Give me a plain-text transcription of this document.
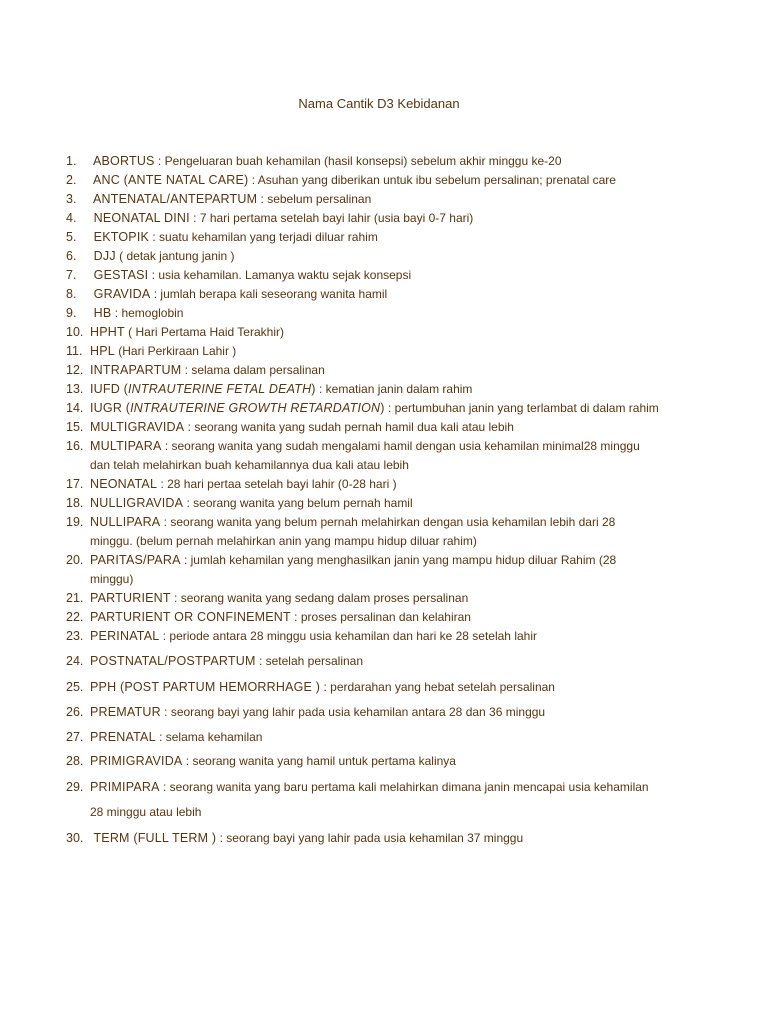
Nama Cantik D3 Kebidanan
1. ABORTUS : Pengeluaran buah kehamilan (hasil konsepsi) sebelum akhir minggu ke-20
2. ANC (ANTE NATAL CARE) : Asuhan yang diberikan untuk ibu sebelum persalinan; prenatal care
3. ANTENATAL/ANTEPARTUM : sebelum persalinan
4. NEONATAL DINI : 7 hari pertama setelah bayi lahir (usia bayi 0-7 hari)
5. EKTOPIK : suatu kehamilan yang terjadi diluar rahim
6. DJJ ( detak jantung janin )
7. GESTASI : usia kehamilan. Lamanya waktu sejak konsepsi
8. GRAVIDA : jumlah berapa kali seseorang wanita hamil
9. HB : hemoglobin
10. HPHT ( Hari Pertama Haid Terakhir)
11. HPL (Hari Perkiraan Lahir )
12. INTRAPARTUM : selama dalam persalinan
13. IUFD (INTRAUTERINE FETAL DEATH) : kematian janin dalam rahim
14. IUGR (INTRAUTERINE GROWTH RETARDATION) : pertumbuhan janin yang terlambat di dalam rahim
15. MULTIGRAVIDA : seorang wanita yang sudah pernah hamil dua kali atau lebih
16. MULTIPARA : seorang wanita yang sudah mengalami hamil dengan usia kehamilan minimal28 minggu
dan telah melahirkan buah kehamilannya dua kali atau lebih
17. NEONATAL : 28 hari pertaa setelah bayi lahir (0-28 hari )
18. NULLIGRAVIDA : seorang wanita yang belum pernah hamil
19. NULLIPARA : seorang wanita yang belum pernah melahirkan dengan usia kehamilan lebih dari 28
minggu. (belum pernah melahirkan anin yang mampu hidup diluar rahim)
20. PARITAS/PARA : jumlah kehamilan yang menghasilkan janin yang mampu hidup diluar Rahim (28
minggu)
21. PARTURIENT : seorang wanita yang sedang dalam proses persalinan
22. PARTURIENT OR CONFINEMENT : proses persalinan dan kelahiran
23. PERINATAL : periode antara 28 minggu usia kehamilan dan hari ke 28 setelah lahir
24. POSTNATAL/POSTPARTUM : setelah persalinan
25. PPH (POST PARTUM HEMORRHAGE ) : perdarahan yang hebat setelah persalinan
26. PREMATUR : seorang bayi yang lahir pada usia kehamilan antara 28 dan 36 minggu
27. PRENATAL : selama kehamilan
28. PRIMIGRAVIDA : seorang wanita yang hamil untuk pertama kalinya
29. PRIMIPARA : seorang wanita yang baru pertama kali melahirkan dimana janin mencapai usia kehamilan
28 minggu atau lebih
30. TERM (FULL TERM ) : seorang bayi yang lahir pada usia kehamilan 37 minggu
